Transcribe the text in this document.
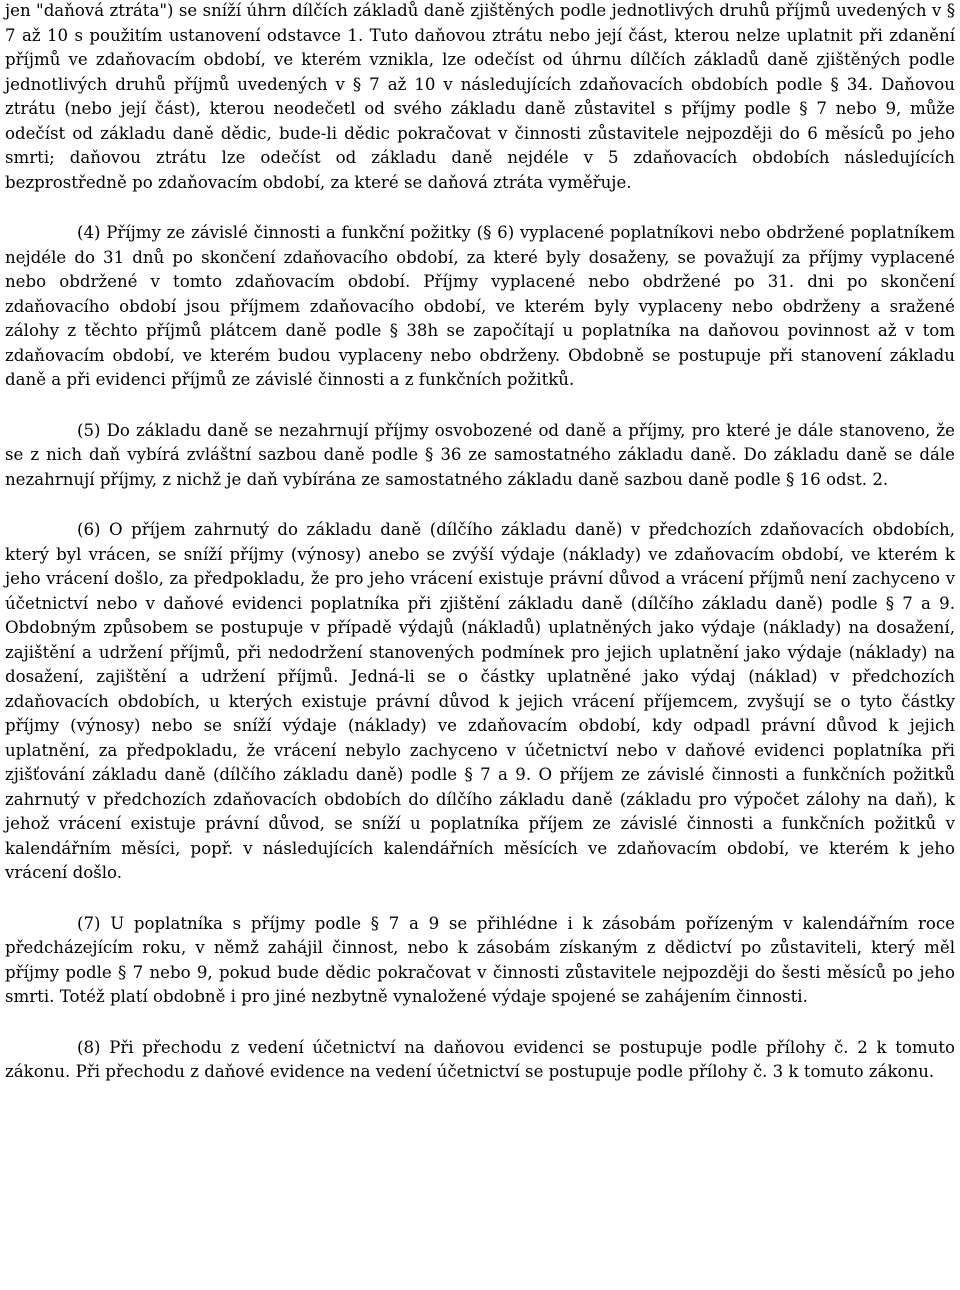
jen "daňová ztráta") se sníží úhrn dílčích základů daně zjištěných podle jednotlivých druhů příjmů uvedených v § 7 až 10 s použitím ustanovení odstavce 1. Tuto daňovou ztrátu nebo její část, kterou nelze uplatnit při zdanění příjmů ve zdaňovacím období, ve kterém vznikla, lze odečíst od úhrnu dílčích základů daně zjištěných podle jednotlivých druhů příjmů uvedených v § 7 až 10 v následujících zdaňovacích obdobích podle § 34. Daňovou ztrátu (nebo její část), kterou neodečetl od svého základu daně zůstavitel s příjmy podle § 7 nebo 9, může odečíst od základu daně dědic, bude-li dědic pokračovat v činnosti zůstavitele nejpozději do 6 měsíců po jeho smrti; daňovou ztrátu lze odečíst od základu daně nejdéle v 5 zdaňovacích obdobích následujících bezprostředně po zdaňovacím období, za které se daňová ztráta vyměřuje.

(4) Příjmy ze závislé činnosti a funkční požitky (§ 6) vyplacené poplatníkovi nebo obdržené poplatníkem nejdéle do 31 dnů po skončení zdaňovacího období, za které byly dosaženy, se považují za příjmy vyplacené nebo obdržené v tomto zdaňovacím období. Příjmy vyplacené nebo obdržené po 31. dni po skončení zdaňovacího období jsou příjmem zdaňovacího období, ve kterém byly vyplaceny nebo obdrženy a sražené zálohy z těchto příjmů plátcem daně podle § 38h se započítají u poplatníka na daňovou povinnost až v tom zdaňovacím období, ve kterém budou vyplaceny nebo obdrženy. Obdobně se postupuje při stanovení základu daně a při evidenci příjmů ze závislé činnosti a z funkčních požitků.

(5) Do základu daně se nezahrnují příjmy osvobozené od daně a příjmy, pro které je dále stanoveno, že se z nich daň vybírá zvláštní sazbou daně podle § 36 ze samostatného základu daně. Do základu daně se dále nezahrnují příjmy, z nichž je daň vybírána ze samostatného základu daně sazbou daně podle § 16 odst. 2.

(6) O příjem zahrnutý do základu daně (dílčího základu daně) v předchozích zdaňovacích obdobích, který byl vrácen, se sníží příjmy (výnosy) anebo se zvýší výdaje (náklady) ve zdaňovacím období, ve kterém k jeho vrácení došlo, za předpokladu, že pro jeho vrácení existuje právní důvod a vrácení příjmů není zachyceno v účetnictví nebo v daňové evidenci poplatníka při zjištění základu daně (dílčího základu daně) podle § 7 a 9. Obdobným způsobem se postupuje v případě výdajů (nákladů) uplatněných jako výdaje (náklady) na dosažení, zajištění a udržení příjmů, při nedodržení stanovených podmínek pro jejich uplatnění jako výdaje (náklady) na dosažení, zajištění a udržení příjmů. Jedná-li se o částky uplatněné jako výdaj (náklad) v předchozích zdaňovacích obdobích, u kterých existuje právní důvod k jejich vrácení příjemcem, zvyšují se o tyto částky příjmy (výnosy) nebo se sníží výdaje (náklady) ve zdaňovacím období, kdy odpadl právní důvod k jejich uplatnění, za předpokladu, že vrácení nebylo zachyceno v účetnictví nebo v daňové evidenci poplatníka při zjišťování základu daně (dílčího základu daně) podle § 7 a 9. O příjem ze závislé činnosti a funkčních požitků zahrnutý v předchozích zdaňovacích obdobích do dílčího základu daně (základu pro výpočet zálohy na daň), k jehož vrácení existuje právní důvod, se sníží u poplatníka příjem ze závislé činnosti a funkčních požitků v kalendářním měsíci, popř. v následujících kalendářních měsících ve zdaňovacím období, ve kterém k jeho vrácení došlo.

(7) U poplatníka s příjmy podle § 7 a 9 se přihlédne i k zásobám pořízeným v kalendářním roce předcházejícím roku, v němž zahájil činnost, nebo k zásobám získaným z dědictví po zůstaviteli, který měl příjmy podle § 7 nebo 9, pokud bude dědic pokračovat v činnosti zůstavitele nejpozději do šesti měsíců po jeho smrti. Totéž platí obdobně i pro jiné nezbytně vynaložené výdaje spojené se zahájením činnosti.

(8) Při přechodu z vedení účetnictví na daňovou evidenci se postupuje podle přílohy č. 2 k tomuto zákonu. Při přechodu z daňové evidence na vedení účetnictví se postupuje podle přílohy č. 3 k tomuto zákonu.
